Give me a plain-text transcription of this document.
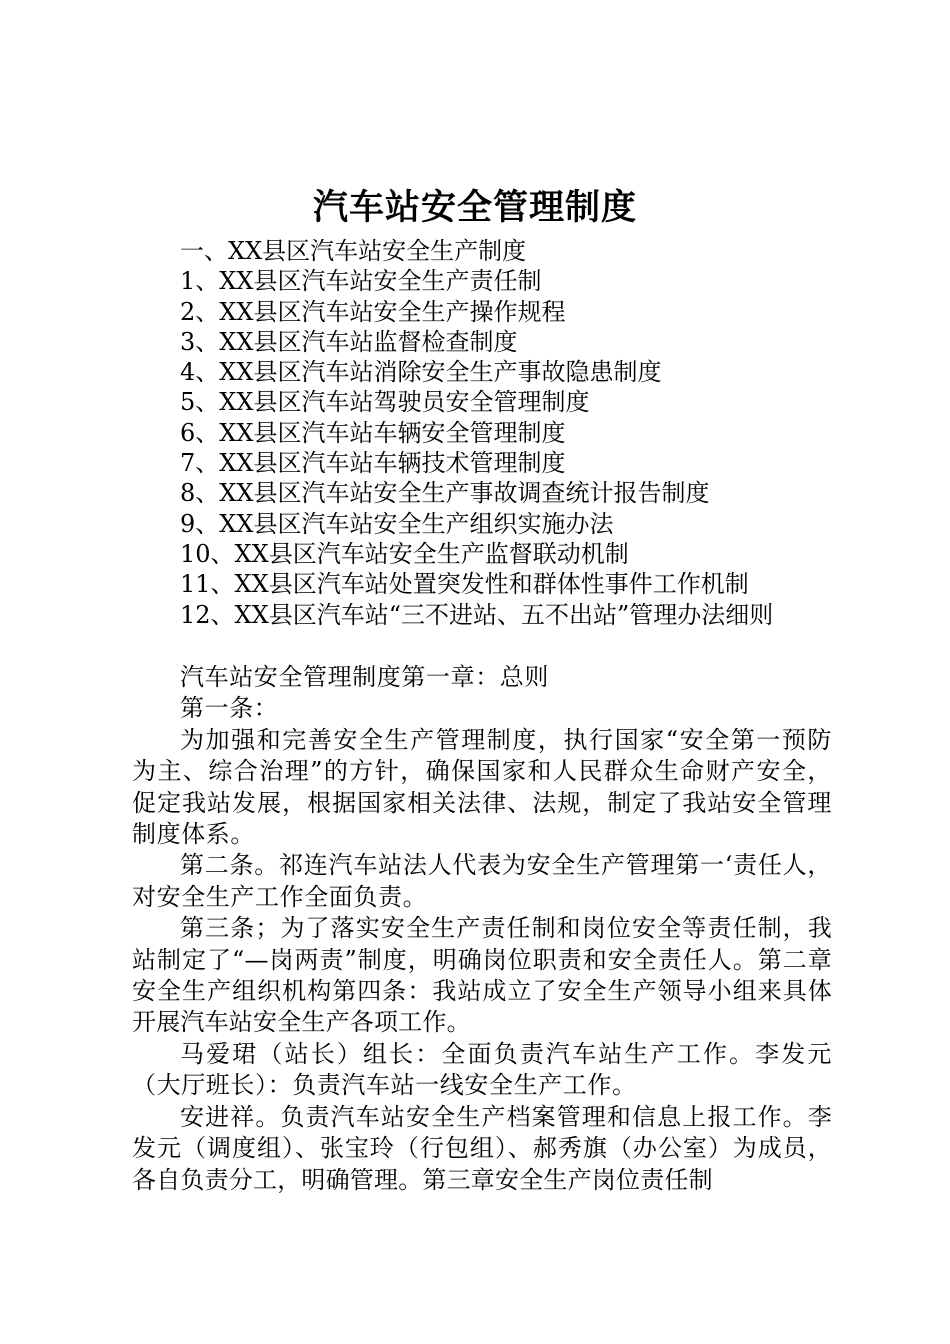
汽车站安全管理制度
一、XX县区汽车站安全生产制度
1、XX县区汽车站安全生产责任制
2、XX县区汽车站安全生产操作规程
3、XX县区汽车站监督检查制度
4、XX县区汽车站消除安全生产事故隐患制度
5、XX县区汽车站驾驶员安全管理制度
6、XX县区汽车站车辆安全管理制度
7、XX县区汽车站车辆技术管理制度
8、XX县区汽车站安全生产事故调查统计报告制度
9、XX县区汽车站安全生产组织实施办法
10、XX县区汽车站安全生产监督联动机制
11、XX县区汽车站处置突发性和群体性事件工作机制
12、XX县区汽车站“三不进站、五不出站”管理办法细则

汽车站安全管理制度第一章：总则

第一条：

为加强和完善安全生产管理制度，执行国家“安全第一预防为主、综合治理”的方针，确保国家和人民群众生命财产安全，促定我站发展，根据国家相关法律、法规，制定了我站安全管理制度体系。

第二条。祁连汽车站法人代表为安全生产管理第一‘责任人，对安全生产工作全面负责。

第三条；为了落实安全生产责任制和岗位安全等责任制，我站制定了“—岗两责”制度，明确岗位职责和安全责任人。第二章安全生产组织机构第四条：我站成立了安全生产领导小组来具体开展汽车站安全生产各项工作。

马爱珺（站长）组长：全面负责汽车站生产工作。李发元（大厅班长）：负责汽车站一线安全生产工作。

安进祥。负责汽车站安全生产档案管理和信息上报工作。李发元（调度组）、张宝玲（行包组）、郝秀旗（办公室）为成员，各自负责分工，明确管理。第三章安全生产岗位责任制
